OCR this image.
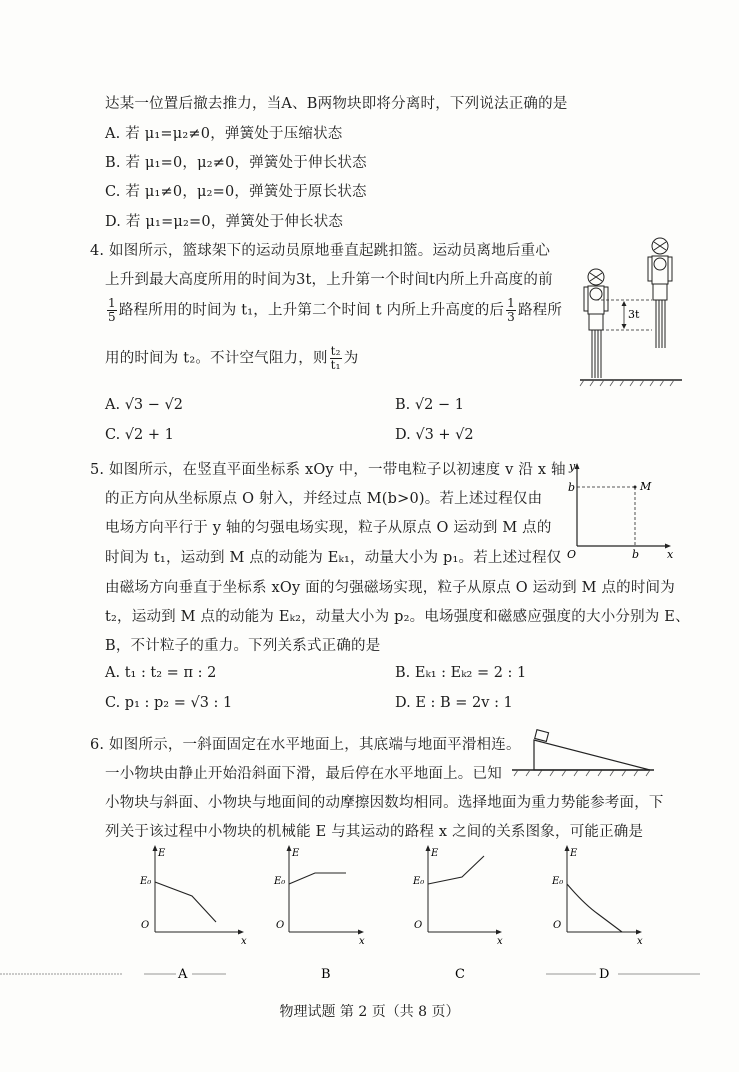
达某一位置后撤去推力，当A、B两物块即将分离时，下列说法正确的是
A. 若 μ₁=μ₂≠0，弹簧处于压缩状态
B. 若 μ₁=0，μ₂≠0，弹簧处于伸长状态
C. 若 μ₁≠0，μ₂=0，弹簧处于原长状态
D. 若 μ₁=μ₂=0，弹簧处于伸长状态
4. 如图所示，篮球架下的运动员原地垂直起跳扣篮。运动员离地后重心
上升到最大高度所用的时间为3t，上升第一个时间t内所上升高度的前
$\frac{1}{5}$ 路程所用的时间为 t₁，上升第二个时间 t 内所上升高度的后 $\frac{1}{3}$ 路程所
用的时间为 t₂。不计空气阻力，则 $\frac{\text{t₂}}{\text{t₁}}$ 为
3t
A. √3 − √2	B. √2 − 1
C. √2 + 1	D. √3 + √2
5. 如图所示，在竖直平面坐标系 xOy 中，一带电粒子以初速度 v 沿 x 轴
的正方向从坐标原点 O 射入，并经过点 M(b>0)。若上述过程仅由
电场方向平行于 y 轴的匀强电场实现，粒子从原点 O 运动到 M 点的
时间为 t₁，运动到 M 点的动能为 Eₖ₁，动量大小为 p₁。若上述过程仅
由磁场方向垂直于坐标系 xOy 面的匀强磁场实现，粒子从原点 O 运动到 M 点的时间为
t₂，运动到 M 点的动能为 Eₖ₂，动量大小为 p₂。电场强度和磁感应强度的大小分别为 E、
B，不计粒子的重力。下列关系式正确的是
y
x
b
b
M
O
A. t₁ : t₂ = π : 2	B. Eₖ₁ : Eₖ₂ = 2 : 1
C. p₁ : p₂ = √3 : 1	D. E : B = 2v : 1
6. 如图所示，一斜面固定在水平地面上，其底端与地面平滑相连。
一小物块由静止开始沿斜面下滑，最后停在水平地面上。已知
小物块与斜面、小物块与地面间的动摩擦因数均相同。选择地面为重力势能参考面，下
列关于该过程中小物块的机械能 E 与其运动的路程 x 之间的关系图象，可能正确是
E
x
E₀
O
E
x
E₀
O
E
x
E₀
O
E
x
E₀
O
A	B	C	D
物理试题 第 2 页（共 8 页）
